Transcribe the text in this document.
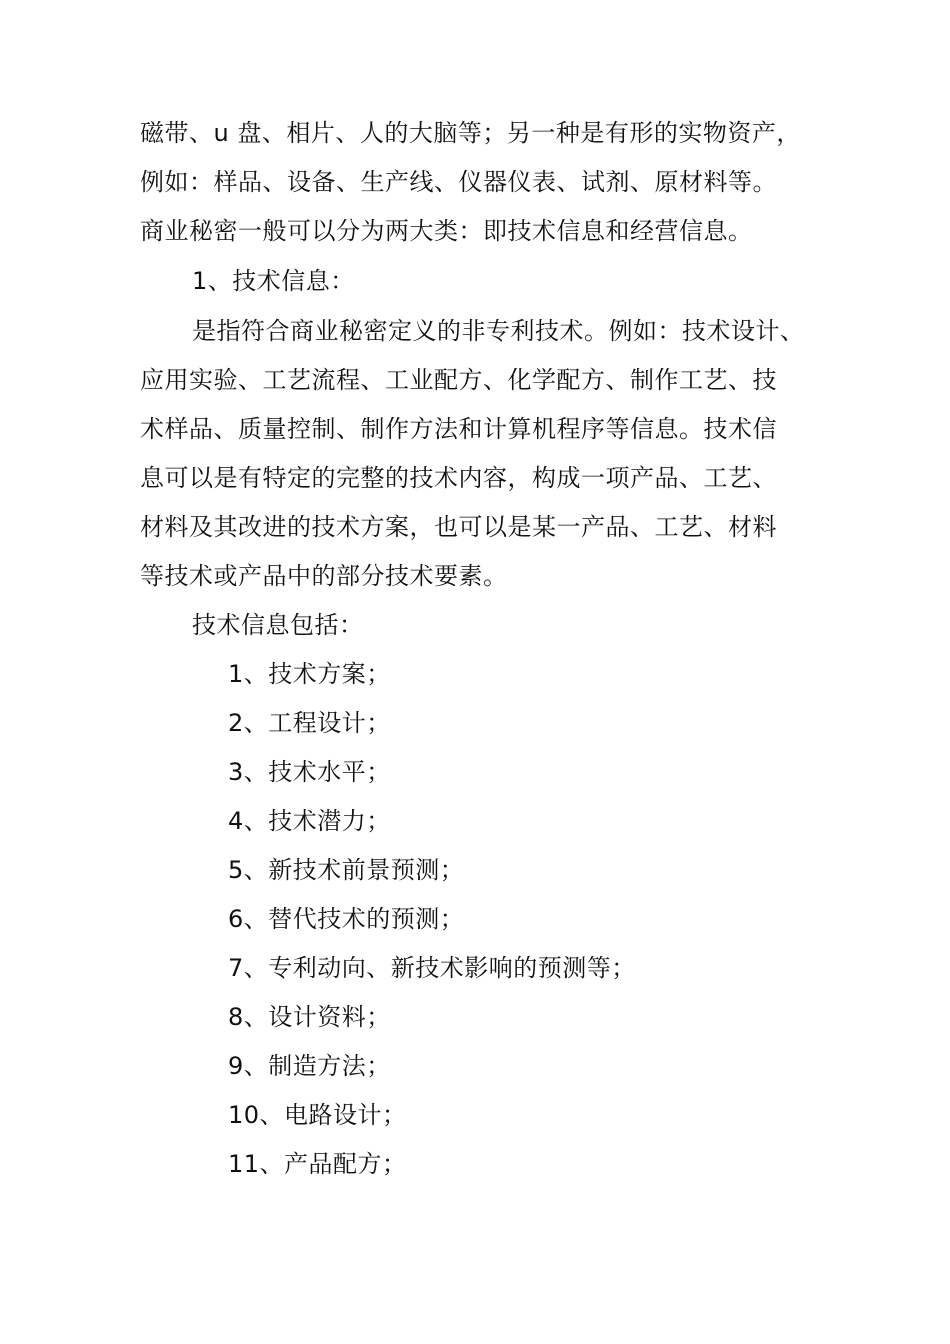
磁带、u 盘、相片、人的大脑等；另一种是有形的实物资产，
例如：样品、设备、生产线、仪器仪表、试剂、原材料等。
商业秘密一般可以分为两大类：即技术信息和经营信息。
1、技术信息：
是指符合商业秘密定义的非专利技术。例如：技术设计、
应用实验、工艺流程、工业配方、化学配方、制作工艺、技
术样品、质量控制、制作方法和计算机程序等信息。技术信
息可以是有特定的完整的技术内容，构成一项产品、工艺、
材料及其改进的技术方案，也可以是某一产品、工艺、材料
等技术或产品中的部分技术要素。
技术信息包括：
1、技术方案；
2、工程设计；
3、技术水平；
4、技术潜力；
5、新技术前景预测；
6、替代技术的预测；
7、专利动向、新技术影响的预测等；
8、设计资料；
9、制造方法；
10、电路设计；
11、产品配方；
